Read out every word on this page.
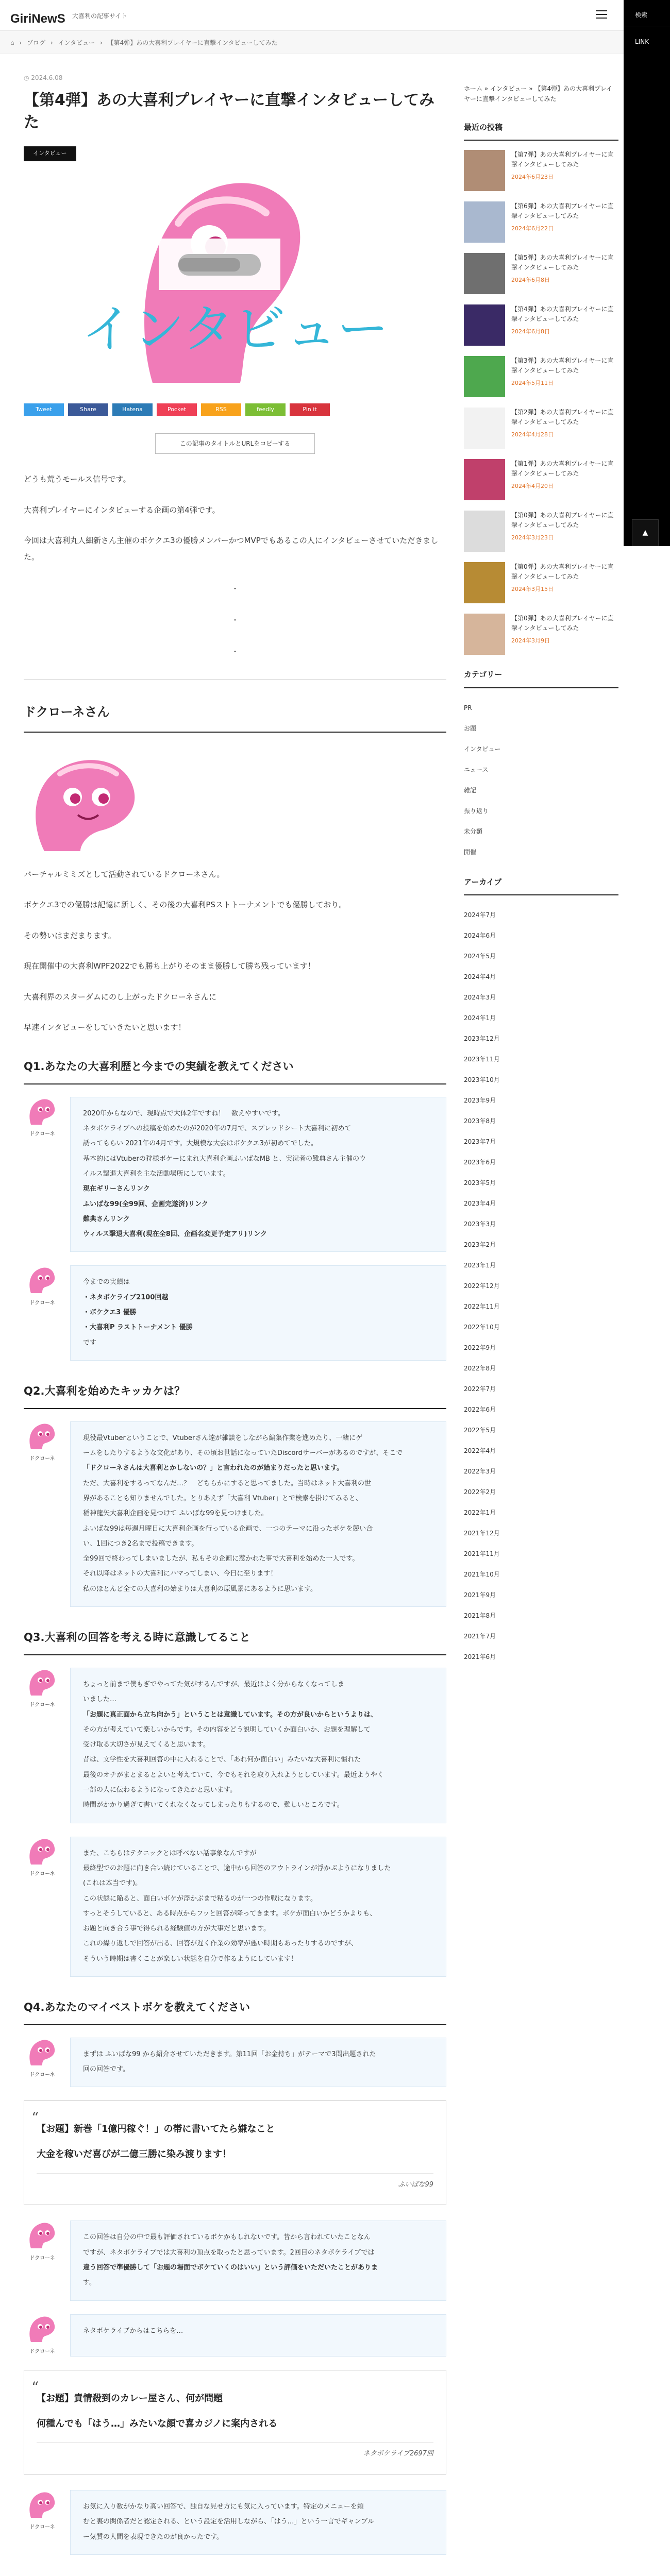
GiriNewS 大喜利の記事サイト
⌂ › ブログ › インタビュー › 【第4弾】あの大喜利プレイヤーに直撃インタビューしてみた
検索
LINK
▲
◷ 2024.6.08
【第4弾】あの大喜利プレイヤーに直撃インタビューしてみた
インタビュー
インタビュー
Tweet	Share	Hatena	Pocket	RSS	feedly	Pin it
この記事のタイトルとURLをコピーする

どうも荒うモールス信号です。

大喜利プレイヤーにインタビューする企画の第4弾です。

今回は大喜利丸人細新さん主催のボケクエ3の優勝メンバーかつMVPでもあるこの人にインタビューさせていただきました。

・
・
・
ドクローネさん

バーチャルミミズとして活動されているドクローネさん。

ボケクエ3での優勝は記憶に新しく、その後の大喜利PSストトーナメントでも優勝しており。

その勢いはまだまります。

現在開催中の大喜利WPF2022でも勝ち上がりそのまま優勝して勝ち残っています！

大喜利界のスターダムにのし上がったドクローネさんに

早速インタビューをしていきたいと思います！

Q1.あなたの大喜利歴と今までの実績を教えてください
ドクローネ

2020年からなので、現時点で大体2年ですね！　数えやすいです。

ネタボケライブへの投稿を始めたのが2020年の7月で、スプレッドシート大喜利に初めて

誘ってもらい 2021年の4月です。大規模な大会はボケクエ3が初めてでした。

基本的にはVtuberの狩様ボケーにまれ大喜利企画ふいばなMB と、実況者の難典さん主催のウ

イルス撃退大喜利を主な活動場所にしています。

現在ギリーさんリンク

ふいばな99(全99回、企画完遂済)リンク

難典さんリンク

ウィルス撃退大喜利(現在全8回、企画名変更予定アリ)リンク

ドクローネ

今までの実績は

・ネタボケライブ2100回越

・ボケクエ3 優勝

・大喜利P ラストトーナメント 優勝

です

Q2.大喜利を始めたキッカケは？
ドクローネ

現役最Vtuberということで、Vtuberさん達が雑談をしながら編集作業を進めたり、一緒にゲ

ームをしたりするような文化があり、その頃お世話になっていたDiscordサーバーがあるのですが、そこで

「ドクローネさんは大喜利とかしないの？」と言われたのが始まりだったと思います。

ただ、大喜利をするってなんだ…？　どちらかにすると思ってました。当時はネット大喜利の世

界があることも知りませんでした。とりあえず「大喜利 Vtuber」とで検索を掛けてみると、

稲神龍矢大喜利企画を見つけて ふいばな99を見つけました。

ふいばな99は毎週月曜日に大喜利企画を行っている企画で、一つのテーマに沿ったボケを競い合

い、1回につき2名まで投稿できます。

全99回で終わってしまいましたが、私もその企画に惹かれた事で大喜利を始めた一人です。

それ以降はネットの大喜利にハマってしまい、今日に至ります！

私のほとんど全ての大喜利の始まりは大喜利の原風景にあるように思います。

Q3.大喜利の回答を考える時に意識してること
ドクローネ

ちょっと前まで僕もぎでやってた気がするんですが、最近はよく分からなくなってしま

いました…

「お題に真正面から立ち向かう」ということは意識しています。その方が良いからというよりは、

その方が考えていて楽しいからです。その内容をどう説明していくか面白いか、お題を理解して

受け取る大切さが見えてくると思います。

昔は、文学性を大喜利回答の中に入れることで、「あれ何か面白い」みたいな大喜利に慣れた

最後のオチがまとまるとよいと考えていて、今でもそれを取り入れようとしています。最近ようやく

一部の人に伝わるようになってきたかと思います。

時間がかかり過ぎて書いてくれなくなってしまったりもするので、難しいところです。

ドクローネ

また、こちらはテクニックとは呼べない話事象なんですが

最終型でのお題に向き合い続けていることで、途中から回答のアウトラインが浮かぶようになりました

(これは本当です)。

この状態に陥ると、面白いボケが浮かぶまで粘るのが一つの作戦になります。

すっとそうしていると、ある時点からフッと回答が降ってきます。ボケが面白いかどうかよりも、

お題と向き合う事で得られる経験値の方が大事だと思います。

これの繰り返しで回答が出る、回答が遅く作業の効率が悪い時期もあったりするのですが、

そういう時期は書くことが楽しい状態を自分で作るようにしています！

Q4.あなたのマイベストボケを教えてください
ドクローネ

まずは ふいばな99 から紹介させていただきます。第11回「お金持ち」がテーマで3問出題された

回の回答です。

“
【お題】新巻「1億円稼ぐ！」の帯に書いてたら嫌なこと
大金を稼いだ喜びが二億三勝に染み渡ります！
ふいばな99
ドクローネ

この回答は自分の中で最も評価されているボケかもしれないです。昔から言われていたことなん

ですが、ネタボケライブでは大喜利の頂点を取ったと思っています。2回目のネタボケライブでは

違う回答で準優勝して「お題の場面でボケていくのはいい」という評価をいただいたことがありま

す。

ドクローネ

ネタボケライブからはこちらを…

“
【お題】責情殺到のカレー屋さん、何が問題
何種んでも「はう…」みたいな顔で喜カジノに案内される
ネタボケライブ2697回
ドクローネ

お気に入り数がかなり高い回答で、独自な見せ方にも気に入っています。特定のメニューを頼

むと裏の関係者だと認定される、という設定を活用しながら、「はう…」という一言でギャンブル

ー気質の人間を表現できたのが良かったです。

ホーム » インタビュー » 【第4弾】あの大喜利プレイヤーに直撃インタビューしてみた
最近の投稿
【第7弾】あの大喜利プレイヤーに直撃インタビューしてみた
2024年6月23日
【第6弾】あの大喜利プレイヤーに直撃インタビューしてみた
2024年6月22日
【第5弾】あの大喜利プレイヤーに直撃インタビューしてみた
2024年6月8日
【第4弾】あの大喜利プレイヤーに直撃インタビューしてみた
2024年6月8日
【第3弾】あの大喜利プレイヤーに直撃インタビューしてみた
2024年5月11日
【第2弾】あの大喜利プレイヤーに直撃インタビューしてみた
2024年4月28日
【第1弾】あの大喜利プレイヤーに直撃インタビューしてみた
2024年4月20日
【第0弾】あの大喜利プレイヤーに直撃インタビューしてみた
2024年3月23日
【第0弾】あの大喜利プレイヤーに直撃インタビューしてみた
2024年3月15日
【第0弾】あの大喜利プレイヤーに直撃インタビューしてみた
2024年3月9日
カテゴリー
PR
お題
インタビュー
ニュース
雑記
振り返り
未分類
開催
アーカイブ
2024年7月
2024年6月
2024年5月
2024年4月
2024年3月
2024年1月
2023年12月
2023年11月
2023年10月
2023年9月
2023年8月
2023年7月
2023年6月
2023年5月
2023年4月
2023年3月
2023年2月
2023年1月
2022年12月
2022年11月
2022年10月
2022年9月
2022年8月
2022年7月
2022年6月
2022年5月
2022年4月
2022年3月
2022年2月
2022年1月
2021年12月
2021年11月
2021年10月
2021年9月
2021年8月
2021年7月
2021年6月
